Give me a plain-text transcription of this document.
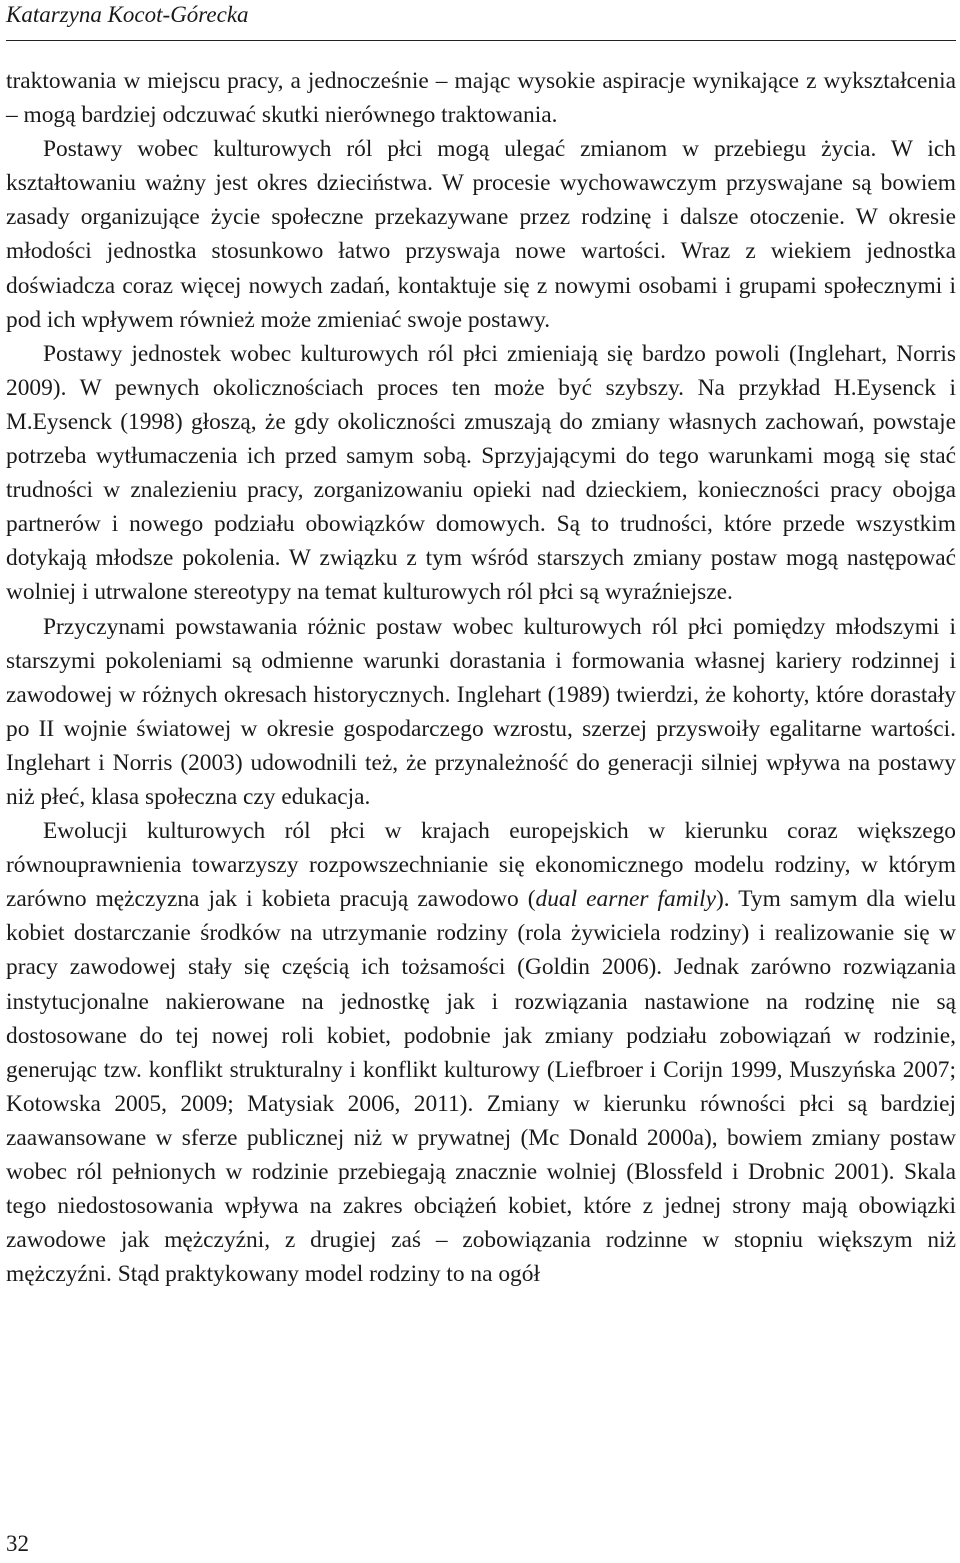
Katarzyna Kocot-Górecka

traktowania w miejscu pracy, a jednocześnie – mając wysokie aspiracje wynikające z wykształcenia – mogą bardziej odczuwać skutki nierównego traktowania.

Postawy wobec kulturowych ról płci mogą ulegać zmianom w przebiegu życia. W ich kształtowaniu ważny jest okres dzieciństwa. W procesie wychowawczym przyswajane są bowiem zasady organizujące życie społeczne przekazywane przez rodzinę i dalsze otoczenie. W okresie młodości jednostka stosunkowo łatwo przyswaja nowe wartości. Wraz z wiekiem jednostka doświadcza coraz więcej nowych zadań, kontaktuje się z nowymi osobami i grupami społecznymi i pod ich wpływem również może zmieniać swoje postawy.

Postawy jednostek wobec kulturowych ról płci zmieniają się bardzo powoli (Inglehart, Norris 2009). W pewnych okolicznościach proces ten może być szybszy. Na przykład H.Eysenck i M.Eysenck (1998) głoszą, że gdy okoliczności zmuszają do zmiany własnych zachowań, powstaje potrzeba wytłumaczenia ich przed samym sobą. Sprzyjającymi do tego warunkami mogą się stać trudności w znalezieniu pracy, zorganizowaniu opieki nad dzieckiem, konieczności pracy obojga partnerów i nowego podziału obowiązków domowych. Są to trudności, które przede wszystkim dotykają młodsze pokolenia. W związku z tym wśród starszych zmiany postaw mogą następować wolniej i utrwalone stereotypy na temat kulturowych ról płci są wyraźniejsze.

Przyczynami powstawania różnic postaw wobec kulturowych ról płci pomiędzy młodszymi i starszymi pokoleniami są odmienne warunki dorastania i formowania własnej kariery rodzinnej i zawodowej w różnych okresach historycznych. Inglehart (1989) twierdzi, że kohorty, które dorastały po II wojnie światowej w okresie gospodarczego wzrostu, szerzej przyswoiły egalitarne wartości. Inglehart i Norris (2003) udowodnili też, że przynależność do generacji silniej wpływa na postawy niż płeć, klasa społeczna czy edukacja.

Ewolucji kulturowych ról płci w krajach europejskich w kierunku coraz większego równouprawnienia towarzyszy rozpowszechnianie się ekonomicznego modelu rodziny, w którym zarówno mężczyzna jak i kobieta pracują zawodowo (dual earner family). Tym samym dla wielu kobiet dostarczanie środków na utrzymanie rodziny (rola żywiciela rodziny) i realizowanie się w pracy zawodowej stały się częścią ich tożsamości (Goldin 2006). Jednak zarówno rozwiązania instytucjonalne nakierowane na jednostkę jak i rozwiązania nastawione na rodzinę nie są dostosowane do tej nowej roli kobiet, podobnie jak zmiany podziału zobowiązań w rodzinie, generując tzw. konflikt strukturalny i konflikt kulturowy (Liefbroer i Corijn 1999, Muszyńska 2007; Kotowska 2005, 2009; Matysiak 2006, 2011). Zmiany w kierunku równości płci są bardziej zaawansowane w sferze publicznej niż w prywatnej (Mc Donald 2000a), bowiem zmiany postaw wobec ról pełnionych w rodzinie przebiegają znacznie wolniej (Blossfeld i Drobnic 2001). Skala tego niedostosowania wpływa na zakres obciążeń kobiet, które z jednej strony mają obowiązki zawodowe jak mężczyźni, z drugiej zaś – zobowiązania rodzinne w stopniu większym niż mężczyźni. Stąd praktykowany model rodziny to na ogół

32
